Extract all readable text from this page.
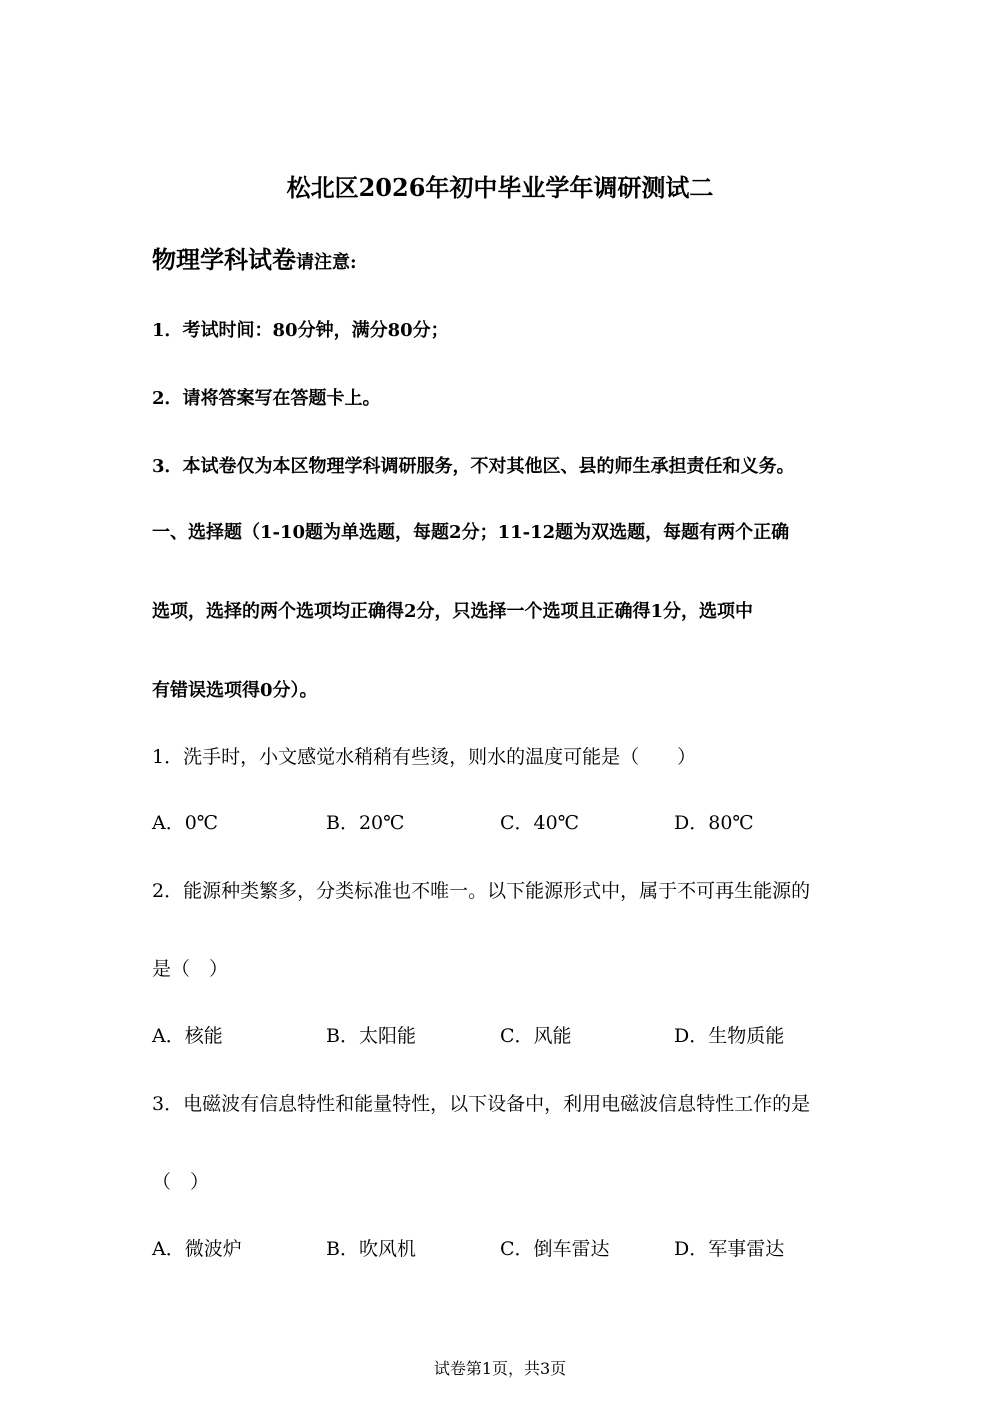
松北区2026年初中毕业学年调研测试二
物理学科试卷请注意:
1．考试时间：80分钟，满分80分；
2．请将答案写在答题卡上。
3．本试卷仅为本区物理学科调研服务，不对其他区、县的师生承担责任和义务。
一、选择题（1-10题为单选题，每题2分；11-12题为双选题，每题有两个正确
选项，选择的两个选项均正确得2分，只选择一个选项且正确得1分，选项中
有错误选项得0分）。
1．洗手时，小文感觉水稍稍有些烫，则水的温度可能是（　　）
A．0℃	B．20℃	C．40℃	D．80℃
2．能源种类繁多，分类标准也不唯一。以下能源形式中，属于不可再生能源的
是（　）
A．核能	B．太阳能	C．风能	D．生物质能
3．电磁波有信息特性和能量特性，以下设备中，利用电磁波信息特性工作的是
（　）
A．微波炉	B．吹风机	C．倒车雷达	D．军事雷达
试卷第1页，共3页
